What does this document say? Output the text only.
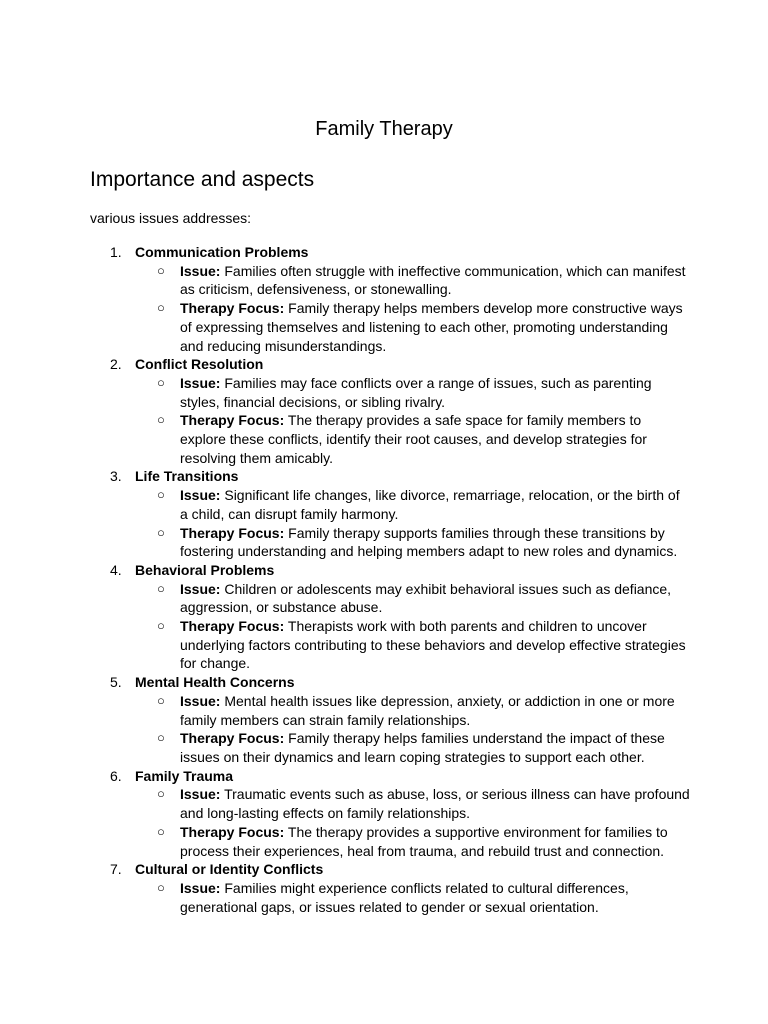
Family Therapy
Importance and aspects

various issues addresses:

1. Communication Problems
○ Issue: Families often struggle with ineffective communication, which can manifest as criticism, defensiveness, or stonewalling.
○ Therapy Focus: Family therapy helps members develop more constructive ways of expressing themselves and listening to each other, promoting understanding and reducing misunderstandings.
2. Conflict Resolution
○ Issue: Families may face conflicts over a range of issues, such as parenting styles, financial decisions, or sibling rivalry.
○ Therapy Focus: The therapy provides a safe space for family members to explore these conflicts, identify their root causes, and develop strategies for resolving them amicably.
3. Life Transitions
○ Issue: Significant life changes, like divorce, remarriage, relocation, or the birth of a child, can disrupt family harmony.
○ Therapy Focus: Family therapy supports families through these transitions by fostering understanding and helping members adapt to new roles and dynamics.
4. Behavioral Problems
○ Issue: Children or adolescents may exhibit behavioral issues such as defiance, aggression, or substance abuse.
○ Therapy Focus: Therapists work with both parents and children to uncover underlying factors contributing to these behaviors and develop effective strategies for change.
5. Mental Health Concerns
○ Issue: Mental health issues like depression, anxiety, or addiction in one or more family members can strain family relationships.
○ Therapy Focus: Family therapy helps families understand the impact of these issues on their dynamics and learn coping strategies to support each other.
6. Family Trauma
○ Issue: Traumatic events such as abuse, loss, or serious illness can have profound and long-lasting effects on family relationships.
○ Therapy Focus: The therapy provides a supportive environment for families to process their experiences, heal from trauma, and rebuild trust and connection.
7. Cultural or Identity Conflicts
○ Issue: Families might experience conflicts related to cultural differences, generational gaps, or issues related to gender or sexual orientation.
